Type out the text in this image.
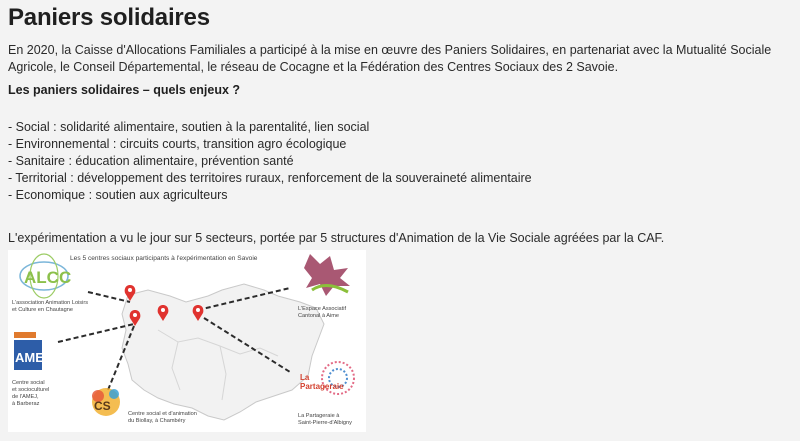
Paniers solidaires
En 2020, la Caisse d'Allocations Familiales a participé à la mise en œuvre des Paniers Solidaires, en partenariat avec la Mutualité Sociale
Agricole, le Conseil Départemental, le réseau de Cocagne et la Fédération des Centres Sociaux des 2 Savoie.
Les paniers solidaires – quels enjeux ?
- Social : solidarité alimentaire, soutien à la parentalité, lien social
- Environnemental : circuits courts, transition agro écologique
- Sanitaire : éducation alimentaire, prévention santé
- Territorial : développement des territoires ruraux, renforcement de la souveraineté alimentaire
- Economique : soutien aux agriculteurs
L'expérimentation a vu le jour sur 5 secteurs, portée par 5 structures d'Animation de la Vie Sociale agréées par la CAF.
Les 5 centres sociaux participants à l'expérimentation en Savoie
ALCC
L'association Animation Loisirs
et Culture en Chautagne	L'Espace Associatif
Cantonal à Aime
AMEJ
Centre social
et socioculturel
de l'AMEJ,
à Barberaz	CS
Centre social et d'animation
du Biollay, à Chambéry
La
Partageraie
La Partageraie à
Saint-Pierre-d'Albigny
